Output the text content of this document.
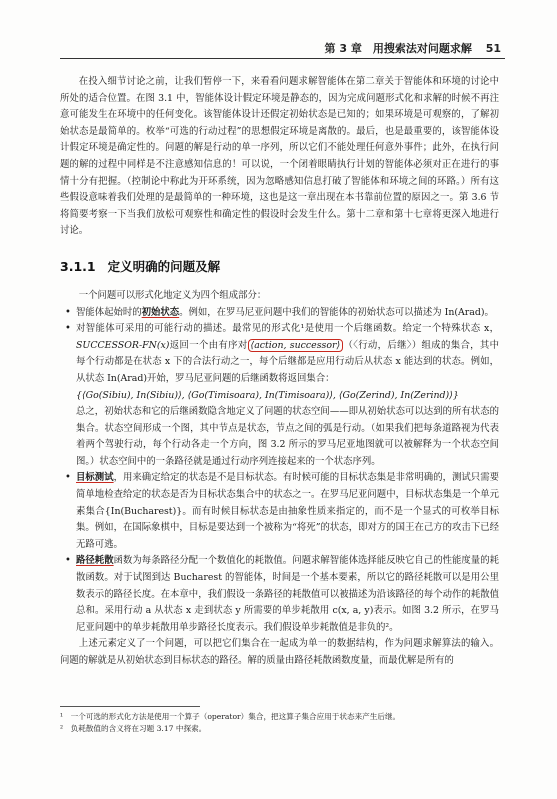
第 3 章　用搜索法对问题求解 51

在投入细节讨论之前，让我们暂停一下，来看看问题求解智能体在第二章关于智能体和环境的讨论中所处的适合位置。在图 3.1 中，智能体设计假定环境是静态的，因为完成问题形式化和求解的时候不再注意可能发生在环境中的任何变化。该智能体设计还假定初始状态是已知的；如果环境是可观察的，了解初始状态是最简单的。枚举“可选的行动过程”的思想假定环境是离散的。最后，也是最重要的，该智能体设计假定环境是确定性的。问题的解是行动的单一序列，所以它们不能处理任何意外事件；此外，在执行问题的解的过程中同样是不注意感知信息的！可以说，一个闭着眼睛执行计划的智能体必须对正在进行的事情十分有把握。（控制论中称此为开环系统，因为忽略感知信息打破了智能体和环境之间的环路。）所有这些假设意味着我们处理的是最简单的一种环境，这也是这一章出现在本书靠前位置的原因之一。第 3.6 节将简要考察一下当我们放松可观察性和确定性的假设时会发生什么。第十二章和第十七章将更深入地进行讨论。

3.1.1 定义明确的问题及解

一个问题可以形式化地定义为四个组成部分：

• 智能体起始时的初始状态。例如，在罗马尼亚问题中我们的智能体的初始状态可以描述为 In(Arad)。
• 对智能体可采用的可能行动的描述。最常见的形式化¹是使用一个后继函数。给定一个特殊状态 x，SUCCESSOR-FN(x)返回一个由有序对 ⟨action, successor⟩ （〈行动，后继〉）组成的集合，其中每个行动都是在状态 x 下的合法行动之一，每个后继都是应用行动后从状态 x 能达到的状态。例如，从状态 In(Arad)开始，罗马尼亚问题的后继函数将返回集合：
{⟨Go(Sibiu), In(Sibiu)⟩, ⟨Go(Timisoara), In(Timisoara)⟩, ⟨Go(Zerind), In(Zerind)⟩}
总之，初始状态和它的后继函数隐含地定义了问题的状态空间——即从初始状态可以达到的所有状态的集合。状态空间形成一个图，其中节点是状态，节点之间的弧是行动。（如果我们把每条道路视为代表着两个驾驶行动，每个行动各走一个方向，图 3.2 所示的罗马尼亚地图就可以被解释为一个状态空间图。）状态空间中的一条路径就是通过行动序列连接起来的一个状态序列。
• 目标测试，用来确定给定的状态是不是目标状态。有时候可能的目标状态集是非常明确的，测试只需要简单地检查给定的状态是否为目标状态集合中的状态之一。在罗马尼亚问题中，目标状态集是一个单元素集合{In(Bucharest)}。而有时候目标状态是由抽象性质来指定的，而不是一个显式的可枚举目标集。例如，在国际象棋中，目标是要达到一个被称为“将死”的状态，即对方的国王在己方的攻击下已经无路可逃。
• 路径耗散函数为每条路径分配一个数值化的耗散值。问题求解智能体选择能反映它自己的性能度量的耗散函数。对于试图到达 Bucharest 的智能体，时间是一个基本要素，所以它的路径耗散可以是用公里数表示的路径长度。在本章中，我们假设一条路径的耗散值可以被描述为沿该路径的每个动作的耗散值总和。采用行动 a 从状态 x 走到状态 y 所需要的单步耗散用 c(x, a, y)表示。如图 3.2 所示，在罗马尼亚问题中的单步耗散用单步路径长度表示。我们假设单步耗散值是非负的²。

上述元素定义了一个问题，可以把它们集合在一起成为单一的数据结构，作为问题求解算法的输入。问题的解就是从初始状态到目标状态的路径。解的质量由路径耗散函数度量，而最优解是所有的

¹　一个可选的形式化方法是使用一个算子（operator）集合，把这算子集合应用于状态来产生后继。

²　负耗散值的含义将在习题 3.17 中探索。
